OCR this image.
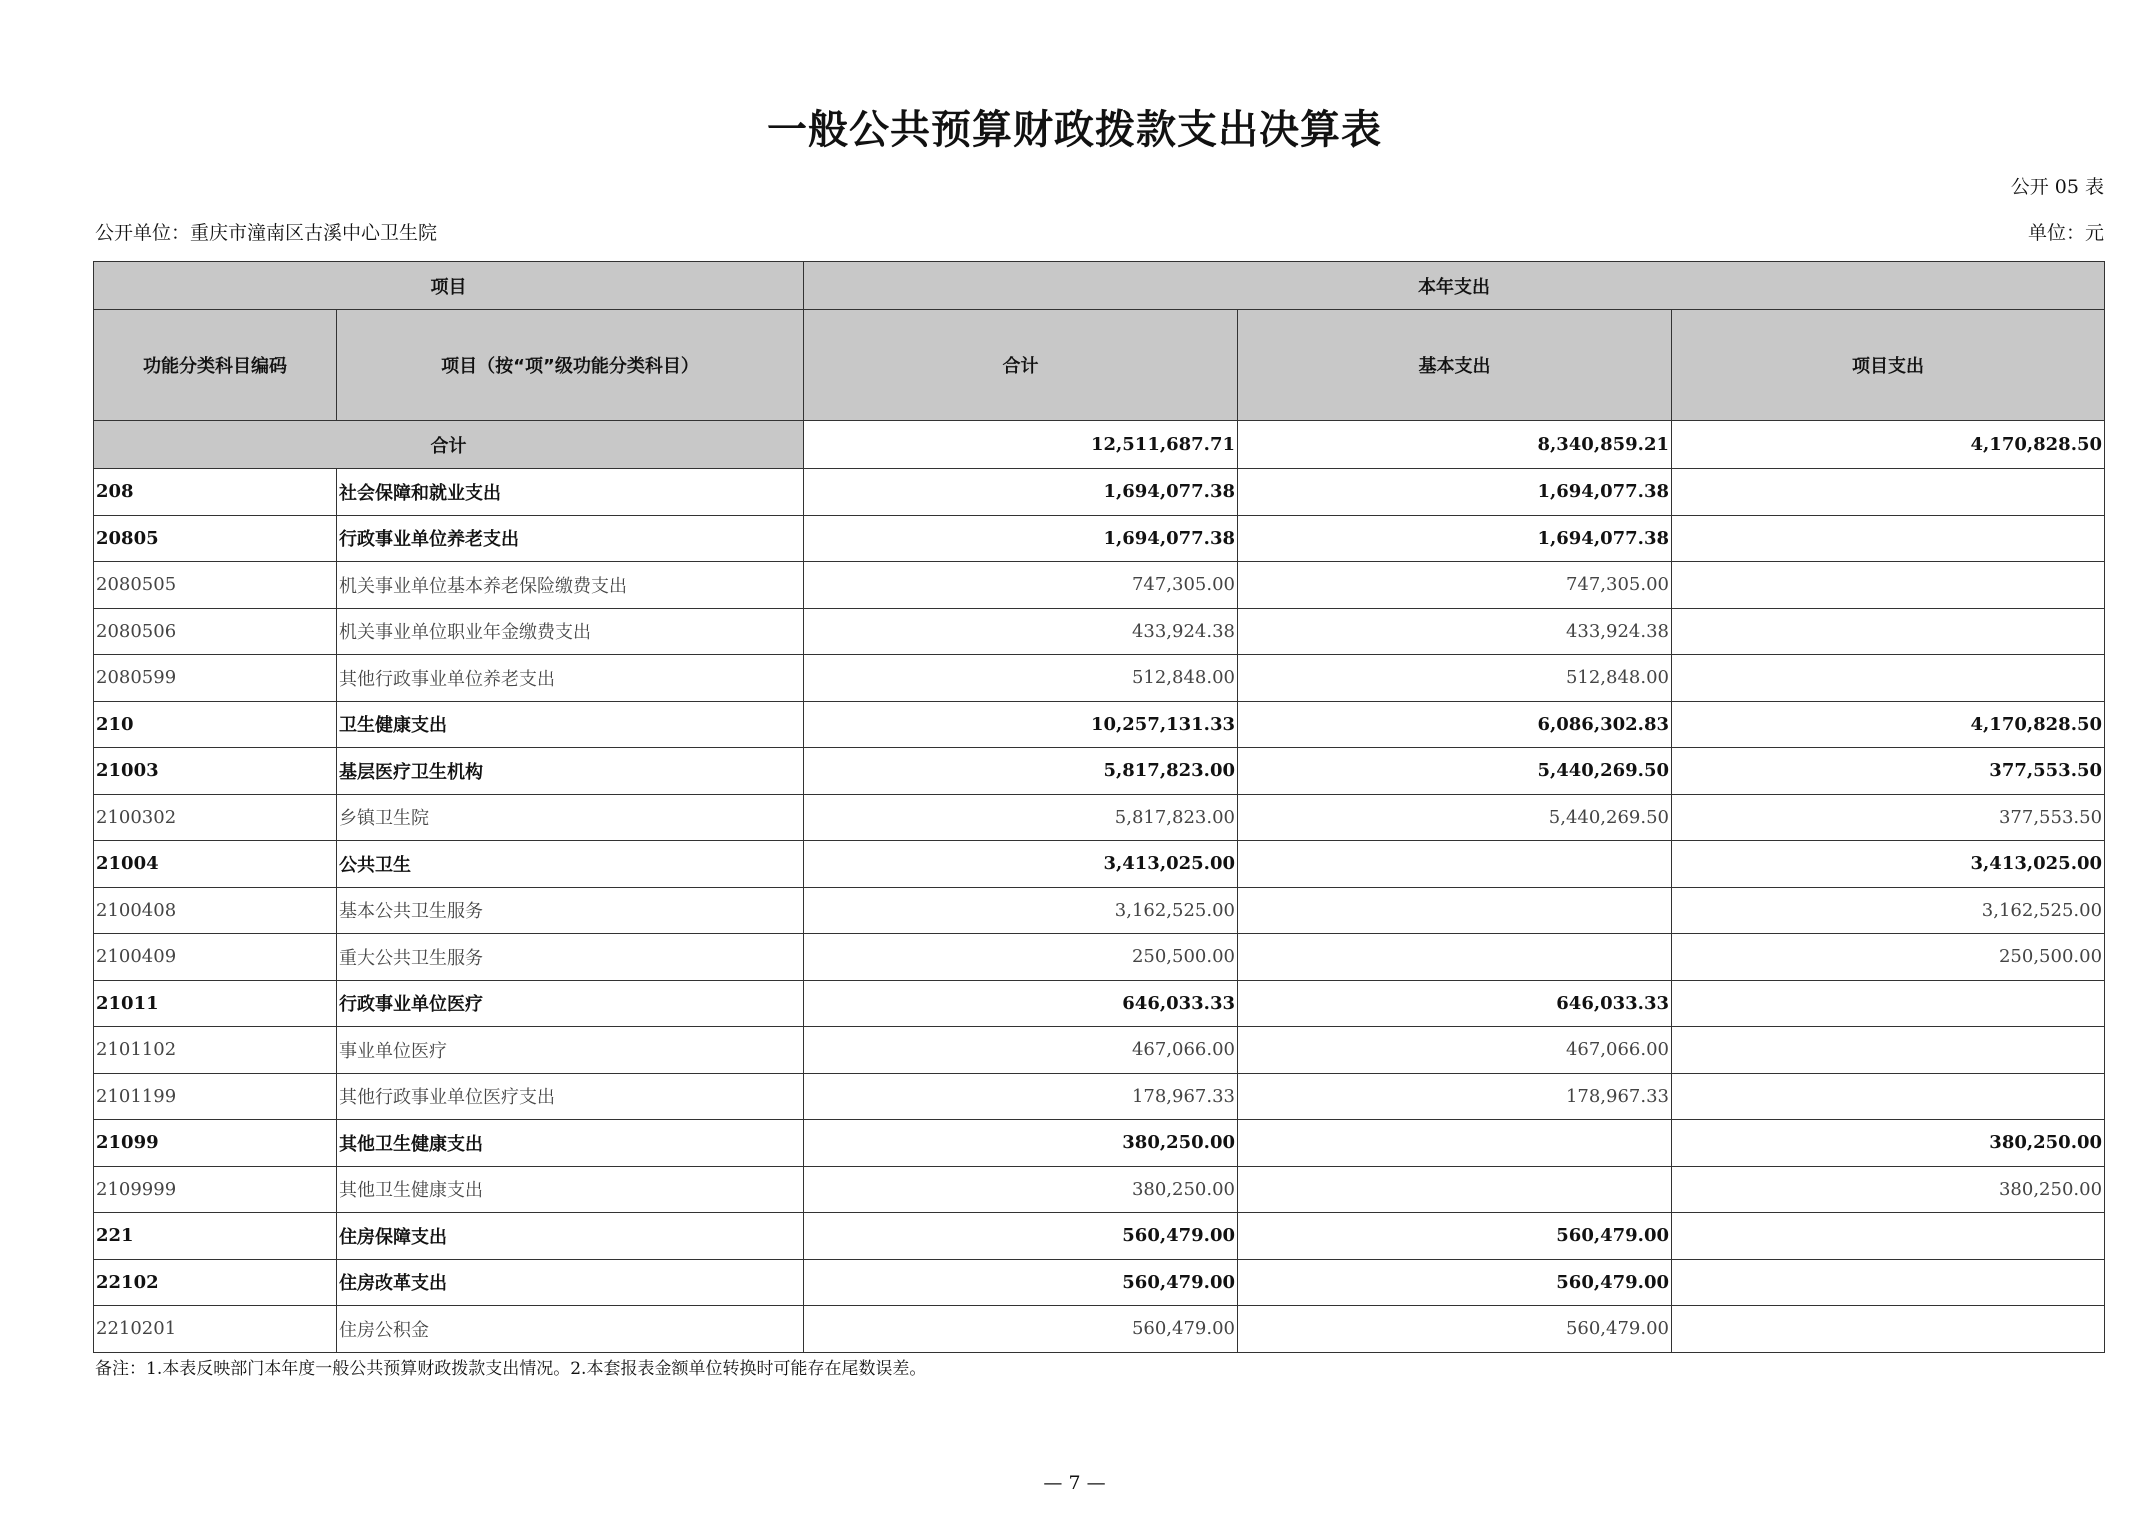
一般公共预算财政拨款支出决算表
公开 05 表
公开单位：重庆市潼南区古溪中心卫生院	单位：元
项目		本年支出		
功能分类科目编码	项目（按“项”级功能分类科目）	合计	基本支出	项目支出
合计		12,511,687.71	8,340,859.21	4,170,828.50
208	社会保障和就业支出	1,694,077.38	1,694,077.38	
20805	行政事业单位养老支出	1,694,077.38	1,694,077.38	
2080505	机关事业单位基本养老保险缴费支出	747,305.00	747,305.00	
2080506	机关事业单位职业年金缴费支出	433,924.38	433,924.38	
2080599	其他行政事业单位养老支出	512,848.00	512,848.00	
210	卫生健康支出	10,257,131.33	6,086,302.83	4,170,828.50
21003	基层医疗卫生机构	5,817,823.00	5,440,269.50	377,553.50
2100302	乡镇卫生院	5,817,823.00	5,440,269.50	377,553.50
21004	公共卫生	3,413,025.00		3,413,025.00
2100408	基本公共卫生服务	3,162,525.00		3,162,525.00
2100409	重大公共卫生服务	250,500.00		250,500.00
21011	行政事业单位医疗	646,033.33	646,033.33	
2101102	事业单位医疗	467,066.00	467,066.00	
2101199	其他行政事业单位医疗支出	178,967.33	178,967.33	
21099	其他卫生健康支出	380,250.00		380,250.00
2109999	其他卫生健康支出	380,250.00		380,250.00
221	住房保障支出	560,479.00	560,479.00	
22102	住房改革支出	560,479.00	560,479.00	
2210201	住房公积金	560,479.00	560,479.00	
备注：1.本表反映部门本年度一般公共预算财政拨款支出情况。2.本套报表金额单位转换时可能存在尾数误差。
— 7 —
